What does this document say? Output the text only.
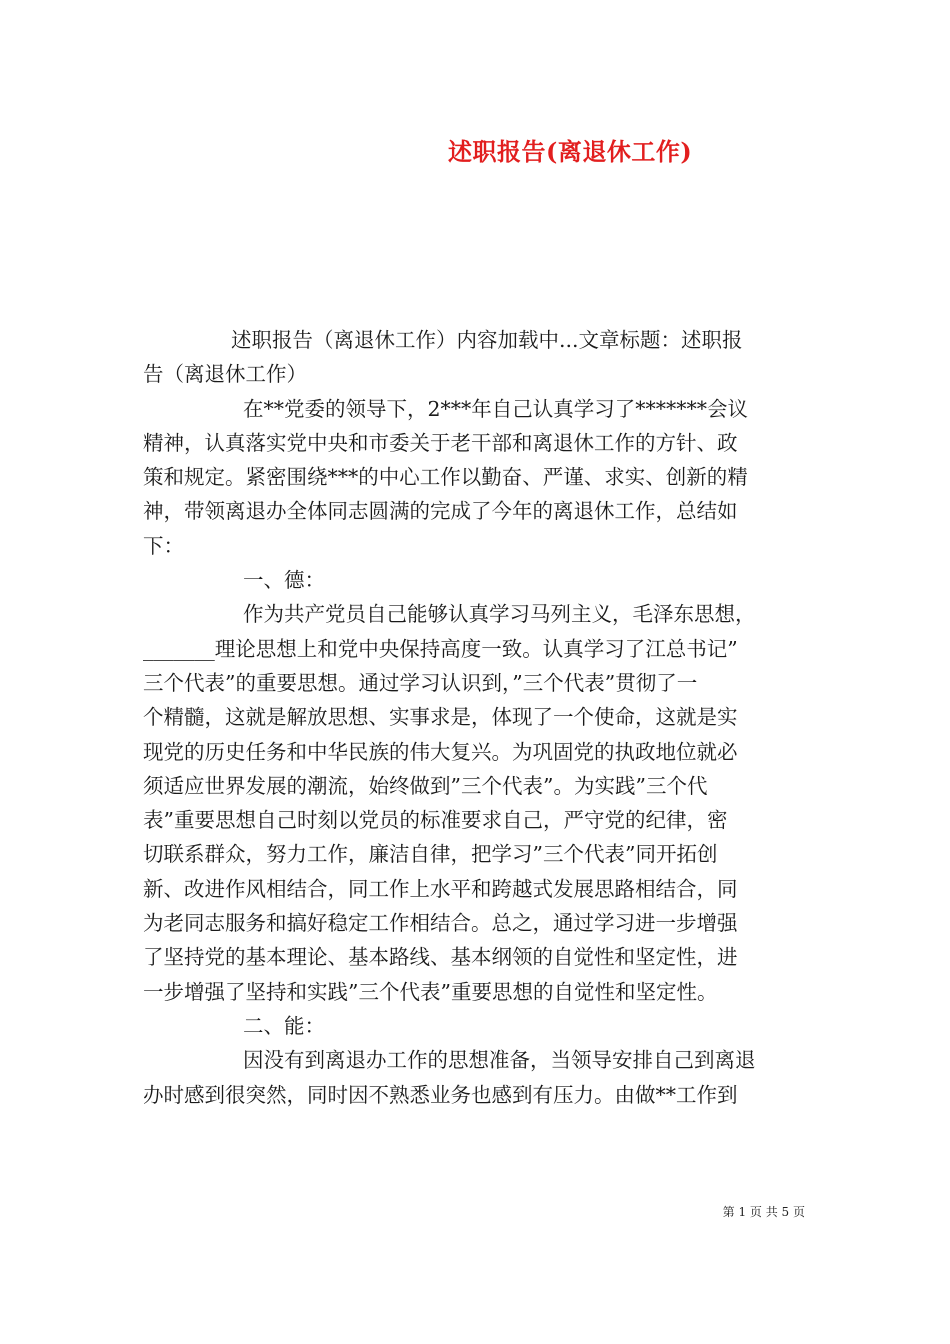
述职报告(离退休工作)
述职报告（离退休工作）内容加载中...文章标题：述职报
告（离退休工作）
在**党委的领导下，2***年自己认真学习了*******会议
精神，认真落实党中央和市委关于老干部和离退休工作的方针、政
策和规定。紧密围绕***的中心工作以勤奋、严谨、求实、创新的精
神，带领离退办全体同志圆满的完成了今年的离退休工作，总结如
下：
一、德：
作为共产党员自己能够认真学习马列主义，毛泽东思想，
_______理论思想上和党中央保持高度一致。认真学习了江总书记”
三个代表”的重要思想。通过学习认识到，”三个代表”贯彻了一
个精髓，这就是解放思想、实事求是，体现了一个使命，这就是实
现党的历史任务和中华民族的伟大复兴。为巩固党的执政地位就必
须适应世界发展的潮流，始终做到”三个代表”。为实践”三个代
表”重要思想自己时刻以党员的标准要求自己，严守党的纪律，密
切联系群众，努力工作，廉洁自律，把学习”三个代表”同开拓创
新、改进作风相结合，同工作上水平和跨越式发展思路相结合，同
为老同志服务和搞好稳定工作相结合。总之，通过学习进一步增强
了坚持党的基本理论、基本路线、基本纲领的自觉性和坚定性，进
一步增强了坚持和实践”三个代表”重要思想的自觉性和坚定性。
二、能：
因没有到离退办工作的思想准备，当领导安排自己到离退
办时感到很突然，同时因不熟悉业务也感到有压力。由做**工作到
第 1 页 共 5 页
